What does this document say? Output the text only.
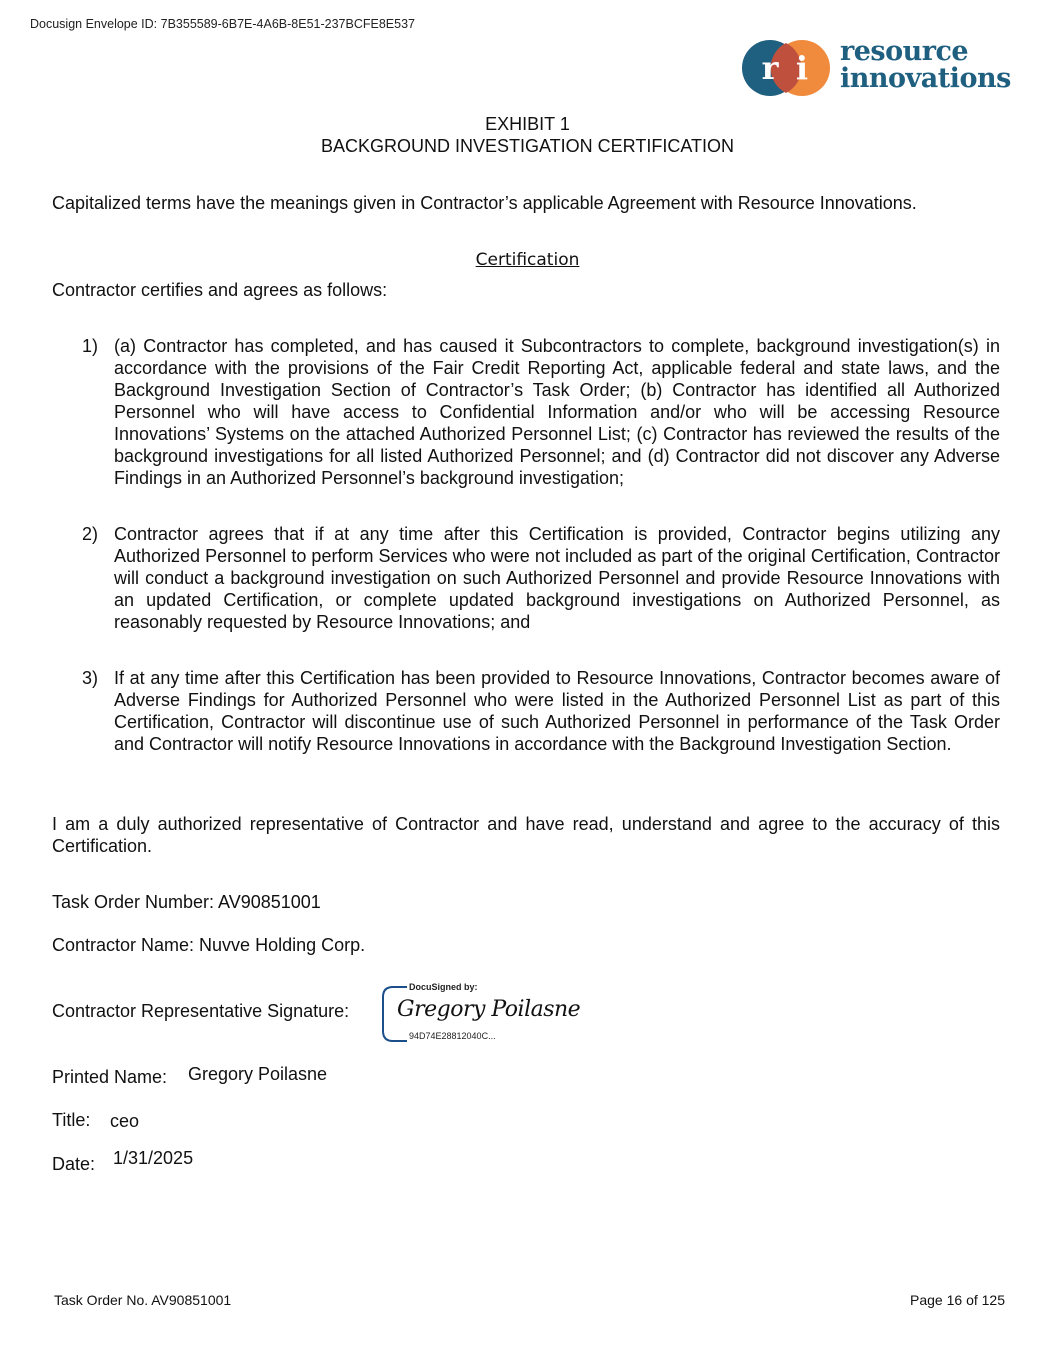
Docusign Envelope ID: 7B355589-6B7E-4A6B-8E51-237BCFE8E537
r i resource
innovations
EXHIBIT 1
BACKGROUND INVESTIGATION CERTIFICATION
Capitalized terms have the meanings given in Contractor’s applicable Agreement with Resource Innovations.
Certification
Contractor certifies and agrees as follows:
1) (a) Contractor has completed, and has caused it Subcontractors to complete, background investigation(s) in accordance with the provisions of the Fair Credit Reporting Act, applicable federal and state laws, and the Background Investigation Section of Contractor’s Task Order; (b) Contractor has identified all Authorized Personnel who will have access to Confidential Information and/or who will be accessing Resource Innovations’ Systems on the attached Authorized Personnel List; (c) Contractor has reviewed the results of the background investigations for all listed Authorized Personnel; and (d) Contractor did not discover any Adverse Findings in an Authorized Personnel’s background investigation;
2) Contractor agrees that if at any time after this Certification is provided, Contractor begins utilizing any Authorized Personnel to perform Services who were not included as part of the original Certification, Contractor will conduct a background investigation on such Authorized Personnel and provide Resource Innovations with an updated Certification, or complete updated background investigations on Authorized Personnel, as reasonably requested by Resource Innovations; and
3) If at any time after this Certification has been provided to Resource Innovations, Contractor becomes aware of Adverse Findings for Authorized Personnel who were listed in the Authorized Personnel List as part of this Certification, Contractor will discontinue use of such Authorized Personnel in performance of the Task Order and Contractor will notify Resource Innovations in accordance with the Background Investigation Section.
I am a duly authorized representative of Contractor and have read, understand and agree to the accuracy of this Certification.
Task Order Number: AV90851001
Contractor Name: Nuvve Holding Corp.
Contractor Representative Signature:
DocuSigned by:
Gregory Poilasne
94D74E28812040C...
Printed Name: Gregory Poilasne
Title: ceo
Date: 1/31/2025
Task Order No. AV90851001	Page 16 of 125
